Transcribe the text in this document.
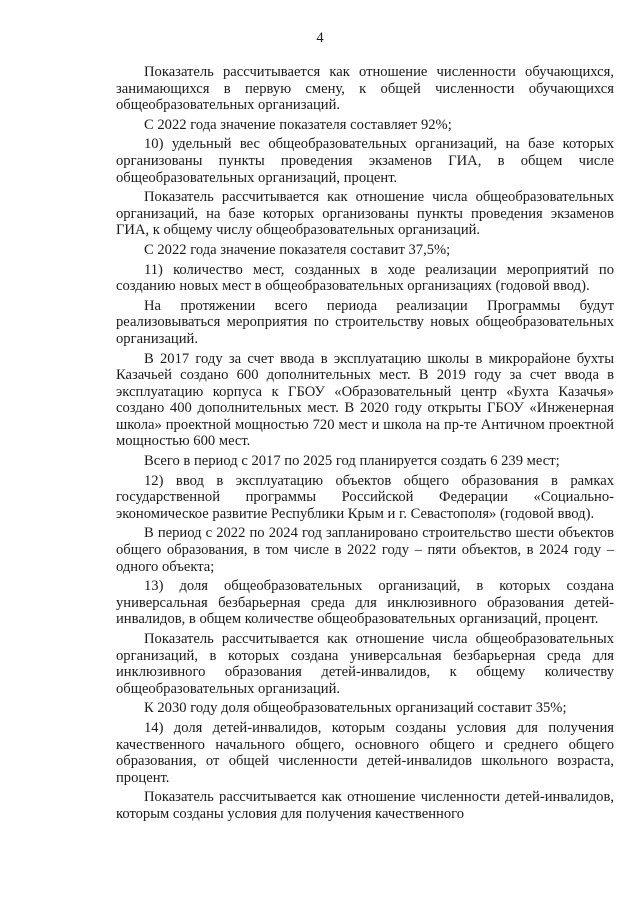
4

Показатель рассчитывается как отношение численности обучающихся, занимающихся в первую смену, к общей численности обучающихся общеобразовательных организаций.

С 2022 года значение показателя составляет 92%;

10) удельный вес общеобразовательных организаций, на базе которых организованы пункты проведения экзаменов ГИА, в общем числе общеобразовательных организаций, процент.

Показатель рассчитывается как отношение числа общеобразовательных организаций, на базе которых организованы пункты проведения экзаменов ГИА, к общему числу общеобразовательных организаций.

С 2022 года значение показателя составит 37,5%;

11) количество мест, созданных в ходе реализации мероприятий по созданию новых мест в общеобразовательных организациях (годовой ввод).

На протяжении всего периода реализации Программы будут реализовываться мероприятия по строительству новых общеобразовательных организаций.

В 2017 году за счет ввода в эксплуатацию школы в микрорайоне бухты Казачьей создано 600 дополнительных мест. В 2019 году за счет ввода в эксплуатацию корпуса к ГБОУ «Образовательный центр «Бухта Казачья» создано 400 дополнительных мест. В 2020 году открыты ГБОУ «Инженерная школа» проектной мощностью 720 мест и школа на пр-те Античном проектной мощностью 600 мест.

Всего в период с 2017 по 2025 год планируется создать 6 239 мест;

12) ввод в эксплуатацию объектов общего образования в рамках государственной программы Российской Федерации «Социально-экономическое развитие Республики Крым и г. Севастополя» (годовой ввод).

В период с 2022 по 2024 год запланировано строительство шести объектов общего образования, в том числе в 2022 году – пяти объектов, в 2024 году – одного объекта;

13) доля общеобразовательных организаций, в которых создана универсальная безбарьерная среда для инклюзивного образования детей-инвалидов, в общем количестве общеобразовательных организаций, процент.

Показатель рассчитывается как отношение числа общеобразовательных организаций, в которых создана универсальная безбарьерная среда для инклюзивного образования детей-инвалидов, к общему количеству общеобразовательных организаций.

К 2030 году доля общеобразовательных организаций составит 35%;

14) доля детей-инвалидов, которым созданы условия для получения качественного начального общего, основного общего и среднего общего образования, от общей численности детей-инвалидов школьного возраста, процент.

Показатель рассчитывается как отношение численности детей-инвалидов, которым созданы условия для получения качественного
